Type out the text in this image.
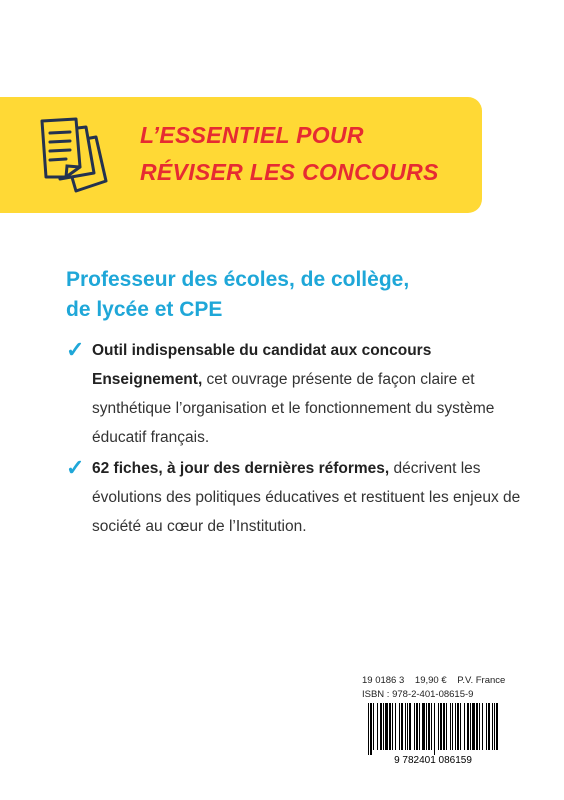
L’ESSENTIEL POUR
RÉVISER LES CONCOURS
Professeur des écoles, de collège,
de lycée et CPE
✓ Outil indispensable du candidat aux concours Enseignement, cet ouvrage présente de façon claire et synthétique l’organisation et le fonctionnement du système éducatif français.
✓ 62 fiches, à jour des dernières réformes, décrivent les évolutions des politiques éducatives et restituent les enjeux de société au cœur de l’Institution.
19 0186 3 19,90 € P.V. France
ISBN : 978-2-401-08615-9
9 782401 086159
